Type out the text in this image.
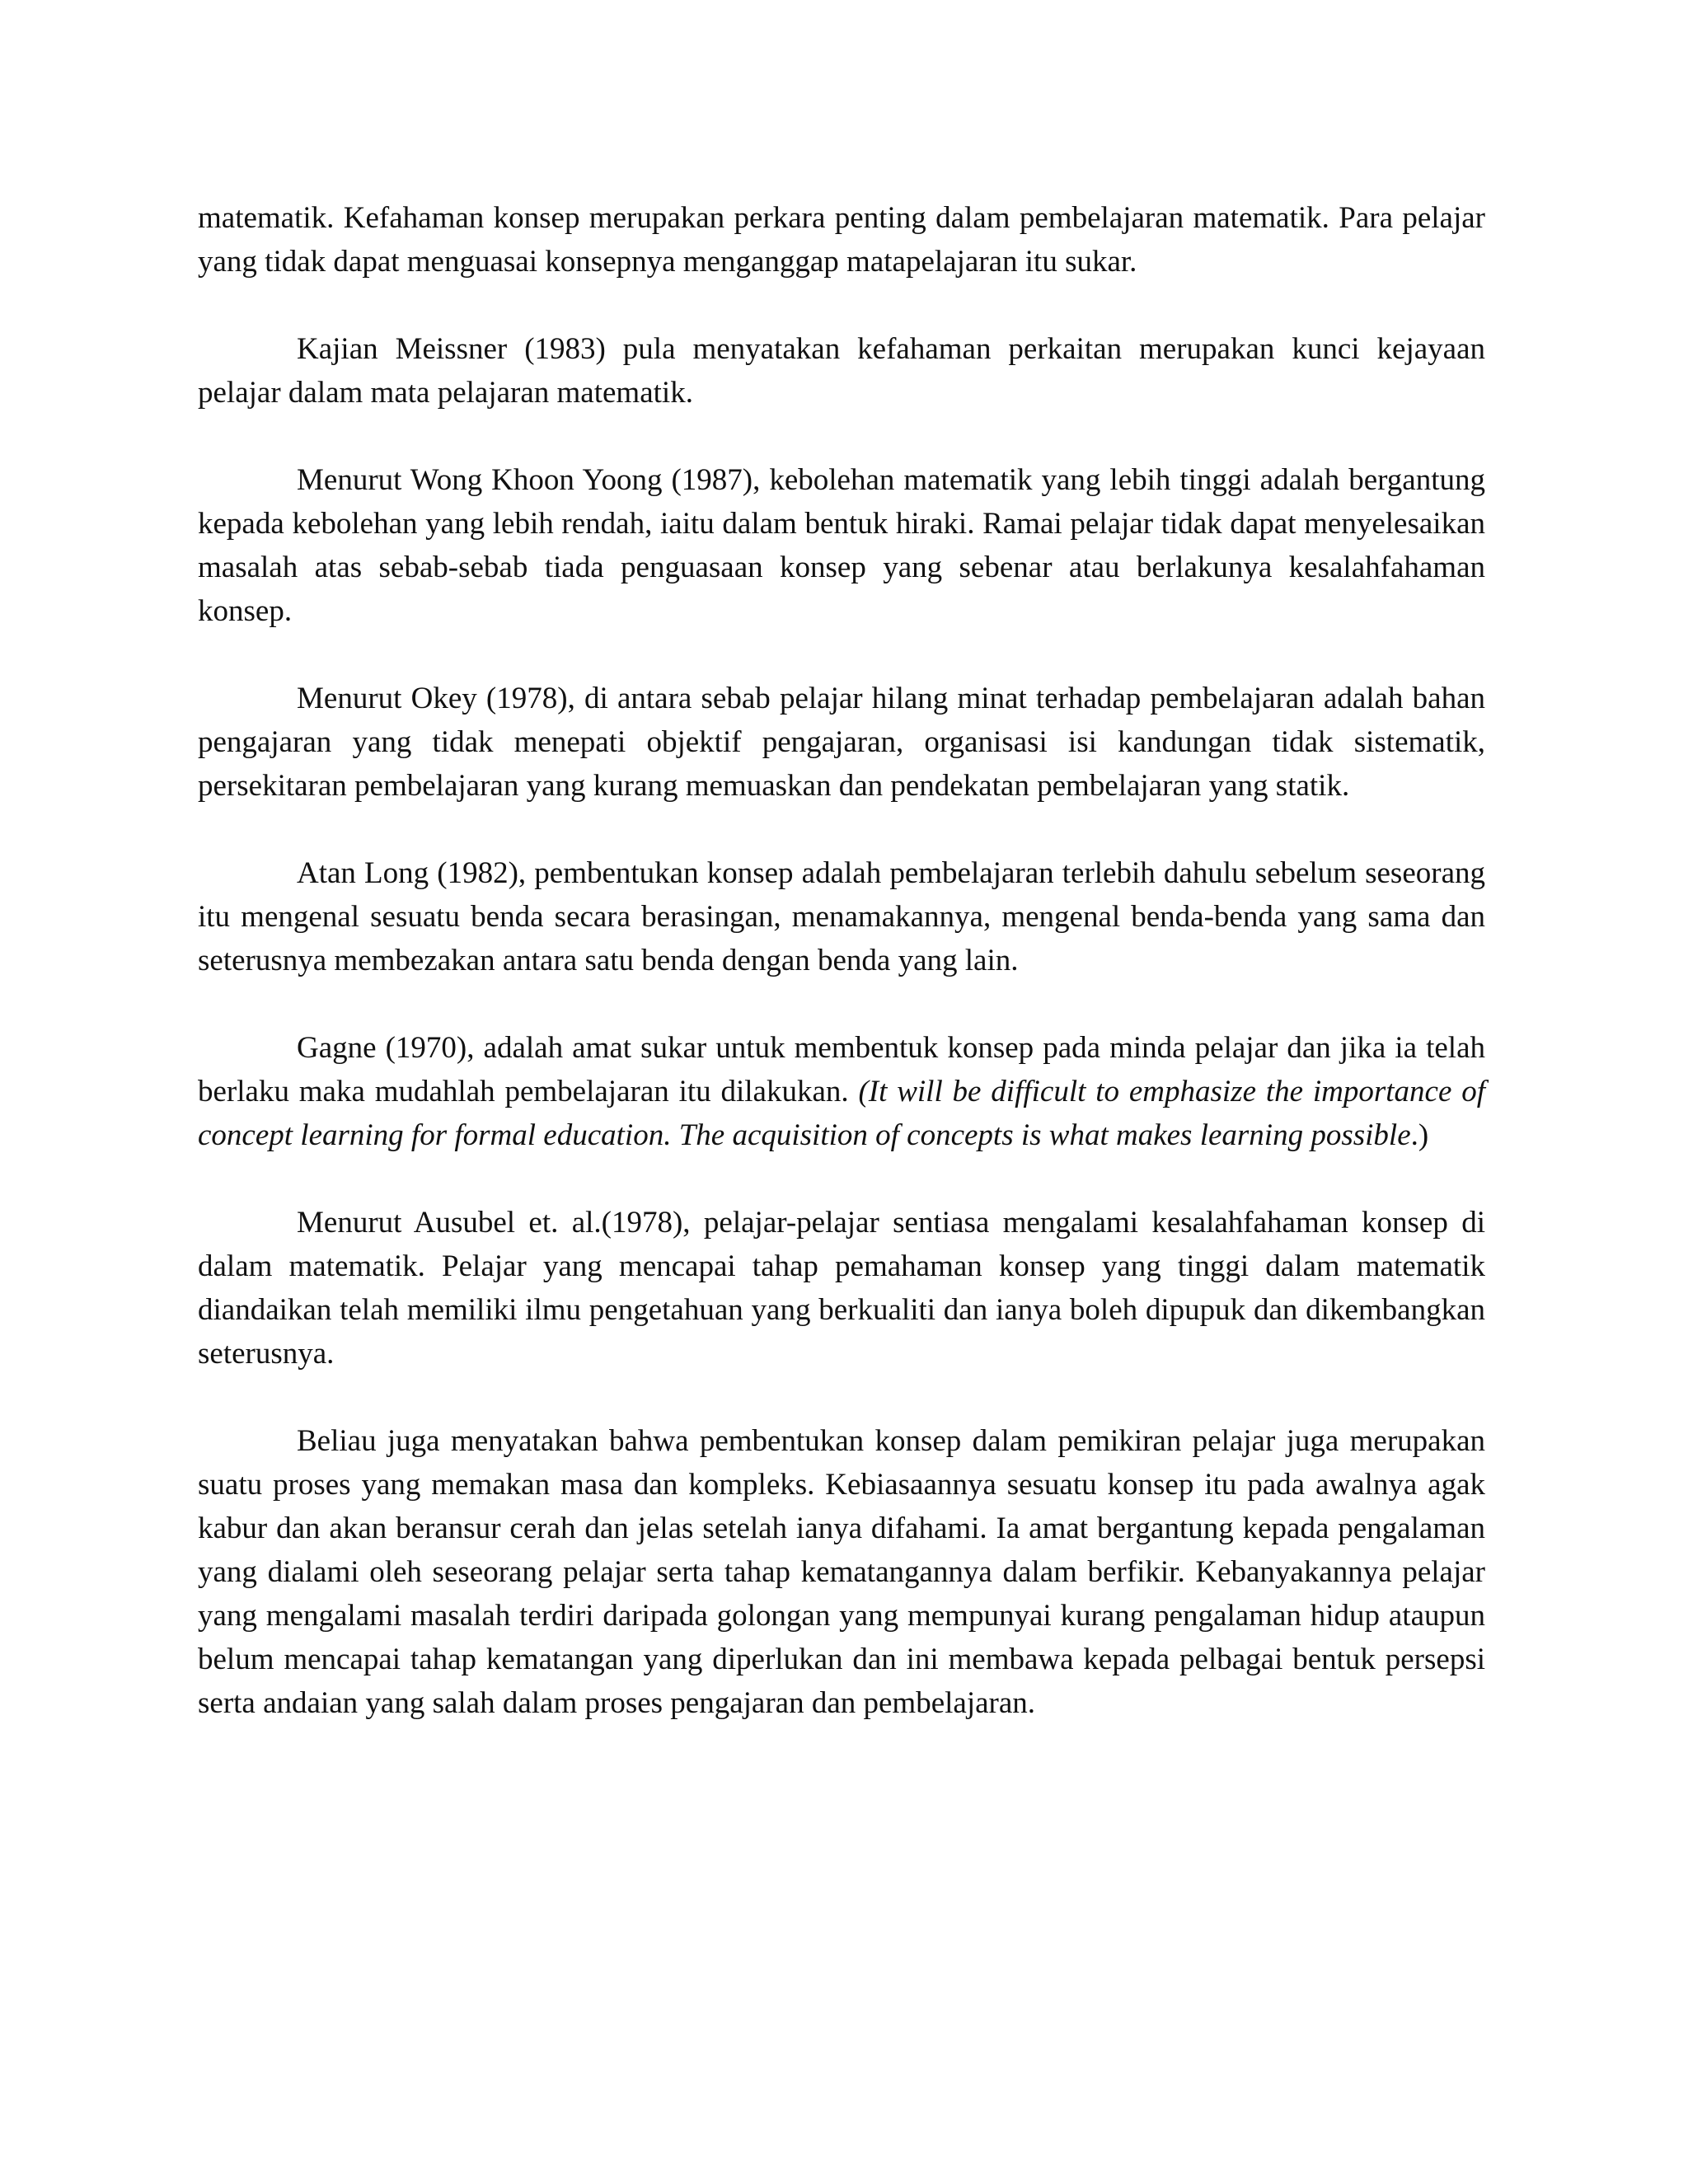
matematik. Kefahaman konsep merupakan perkara penting dalam pembelajaran matematik. Para pelajar yang tidak dapat menguasai konsepnya menganggap matapelajaran itu sukar.

Kajian Meissner (1983) pula menyatakan kefahaman perkaitan merupakan kunci kejayaan pelajar dalam mata pelajaran matematik.

Menurut Wong Khoon Yoong (1987), kebolehan matematik yang lebih tinggi adalah bergantung kepada kebolehan yang lebih rendah, iaitu dalam bentuk hiraki. Ramai pelajar tidak dapat menyelesaikan masalah atas sebab-sebab tiada penguasaan konsep yang sebenar atau berlakunya kesalahfahaman konsep.

Menurut Okey (1978), di antara sebab pelajar hilang minat terhadap pembelajaran adalah bahan pengajaran yang tidak menepati objektif pengajaran, organisasi isi kandungan tidak sistematik, persekitaran pembelajaran yang kurang memuaskan dan pendekatan pembelajaran yang statik.

Atan Long (1982), pembentukan konsep adalah pembelajaran terlebih dahulu sebelum seseorang itu mengenal sesuatu benda secara berasingan, menamakannya, mengenal benda-benda yang sama dan seterusnya membezakan antara satu benda dengan benda yang lain.

Gagne (1970), adalah amat sukar untuk membentuk konsep pada minda pelajar dan jika ia telah berlaku maka mudahlah pembelajaran itu dilakukan. (It will be difficult to emphasize the importance of concept learning for formal education. The acquisition of concepts is what makes learning possible.)

Menurut Ausubel et. al.(1978), pelajar-pelajar sentiasa mengalami kesalahfahaman konsep di dalam matematik. Pelajar yang mencapai tahap pemahaman konsep yang tinggi dalam matematik diandaikan telah memiliki ilmu pengetahuan yang berkualiti dan ianya boleh dipupuk dan dikembangkan seterusnya.

Beliau juga menyatakan bahwa pembentukan konsep dalam pemikiran pelajar juga merupakan suatu proses yang memakan masa dan kompleks. Kebiasaannya sesuatu konsep itu pada awalnya agak kabur dan akan beransur cerah dan jelas setelah ianya difahami. Ia amat bergantung kepada pengalaman yang dialami oleh seseorang pelajar serta tahap kematangannya dalam berfikir. Kebanyakannya pelajar yang mengalami masalah terdiri daripada golongan yang mempunyai kurang pengalaman hidup ataupun belum mencapai tahap kematangan yang diperlukan dan ini membawa kepada pelbagai bentuk persepsi serta andaian yang salah dalam proses pengajaran dan pembelajaran.
